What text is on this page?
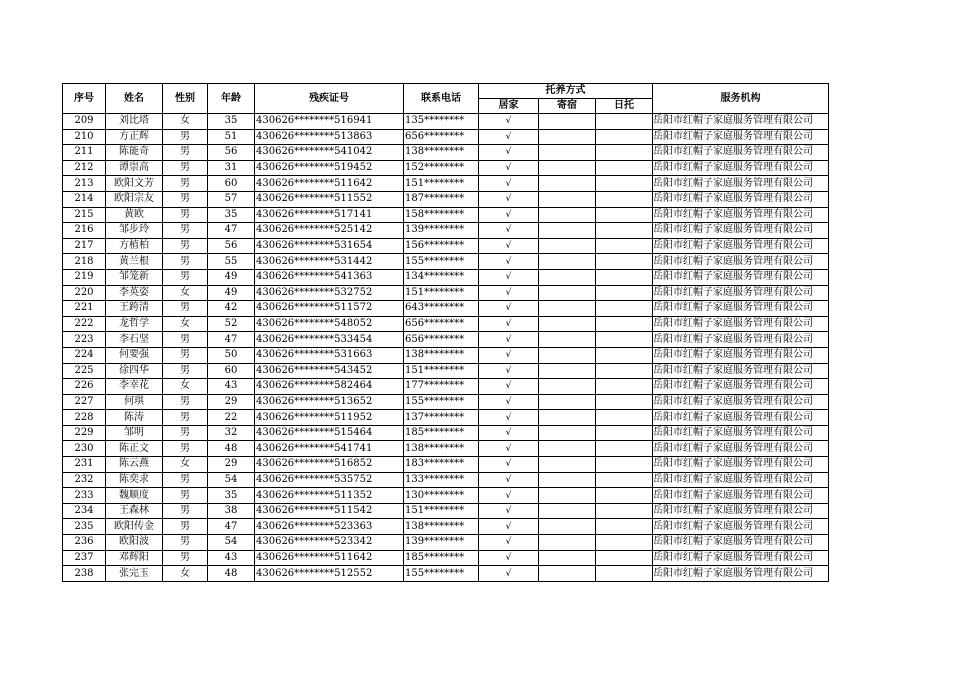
序号	姓名	性别	年龄	残疾证号	联系电话	托养方式			服务机构
						居家	寄宿	日托	
209	刘比塔	女	35	430626********516941	135********	√			岳阳市红帽子家庭服务管理有限公司
210	方正辉	男	51	430626********513863	656********	√			岳阳市红帽子家庭服务管理有限公司
211	陈能奇	男	56	430626********541042	138********	√			岳阳市红帽子家庭服务管理有限公司
212	谭崇高	男	31	430626********519452	152********	√			岳阳市红帽子家庭服务管理有限公司
213	欧阳文芳	男	60	430626********511642	151********	√			岳阳市红帽子家庭服务管理有限公司
214	欧阳宗友	男	57	430626********511552	187********	√			岳阳市红帽子家庭服务管理有限公司
215	黄欧	男	35	430626********517141	158********	√			岳阳市红帽子家庭服务管理有限公司
216	邹步玲	男	47	430626********525142	139********	√			岳阳市红帽子家庭服务管理有限公司
217	方植柏	男	56	430626********531654	156********	√			岳阳市红帽子家庭服务管理有限公司
218	黄兰根	男	55	430626********531442	155********	√			岳阳市红帽子家庭服务管理有限公司
219	邹笼新	男	49	430626********541363	134********	√			岳阳市红帽子家庭服务管理有限公司
220	李英姿	女	49	430626********532752	151********	√			岳阳市红帽子家庭服务管理有限公司
221	王跨清	男	42	430626********511572	643********	√			岳阳市红帽子家庭服务管理有限公司
222	龙哲学	女	52	430626********548052	656********	√			岳阳市红帽子家庭服务管理有限公司
223	李石坚	男	47	430626********533454	656********	√			岳阳市红帽子家庭服务管理有限公司
224	何要强	男	50	430626********531663	138********	√			岳阳市红帽子家庭服务管理有限公司
225	徐四华	男	60	430626********543452	151********	√			岳阳市红帽子家庭服务管理有限公司
226	李幸花	女	43	430626********582464	177********	√			岳阳市红帽子家庭服务管理有限公司
227	何琪	男	29	430626********513652	155********	√			岳阳市红帽子家庭服务管理有限公司
228	陈涛	男	22	430626********511952	137********	√			岳阳市红帽子家庭服务管理有限公司
229	邹明	男	32	430626********515464	185********	√			岳阳市红帽子家庭服务管理有限公司
230	陈正文	男	48	430626********541741	138********	√			岳阳市红帽子家庭服务管理有限公司
231	陈云燕	女	29	430626********516852	183********	√			岳阳市红帽子家庭服务管理有限公司
232	陈奕求	男	54	430626********535752	133********	√			岳阳市红帽子家庭服务管理有限公司
233	魏顺度	男	35	430626********511352	130********	√			岳阳市红帽子家庭服务管理有限公司
234	王森林	男	38	430626********511542	151********	√			岳阳市红帽子家庭服务管理有限公司
235	欧阳传金	男	47	430626********523363	138********	√			岳阳市红帽子家庭服务管理有限公司
236	欧阳波	男	54	430626********523342	139********	√			岳阳市红帽子家庭服务管理有限公司
237	邓辉阳	男	43	430626********511642	185********	√			岳阳市红帽子家庭服务管理有限公司
238	张完玉	女	48	430626********512552	155********	√			岳阳市红帽子家庭服务管理有限公司
